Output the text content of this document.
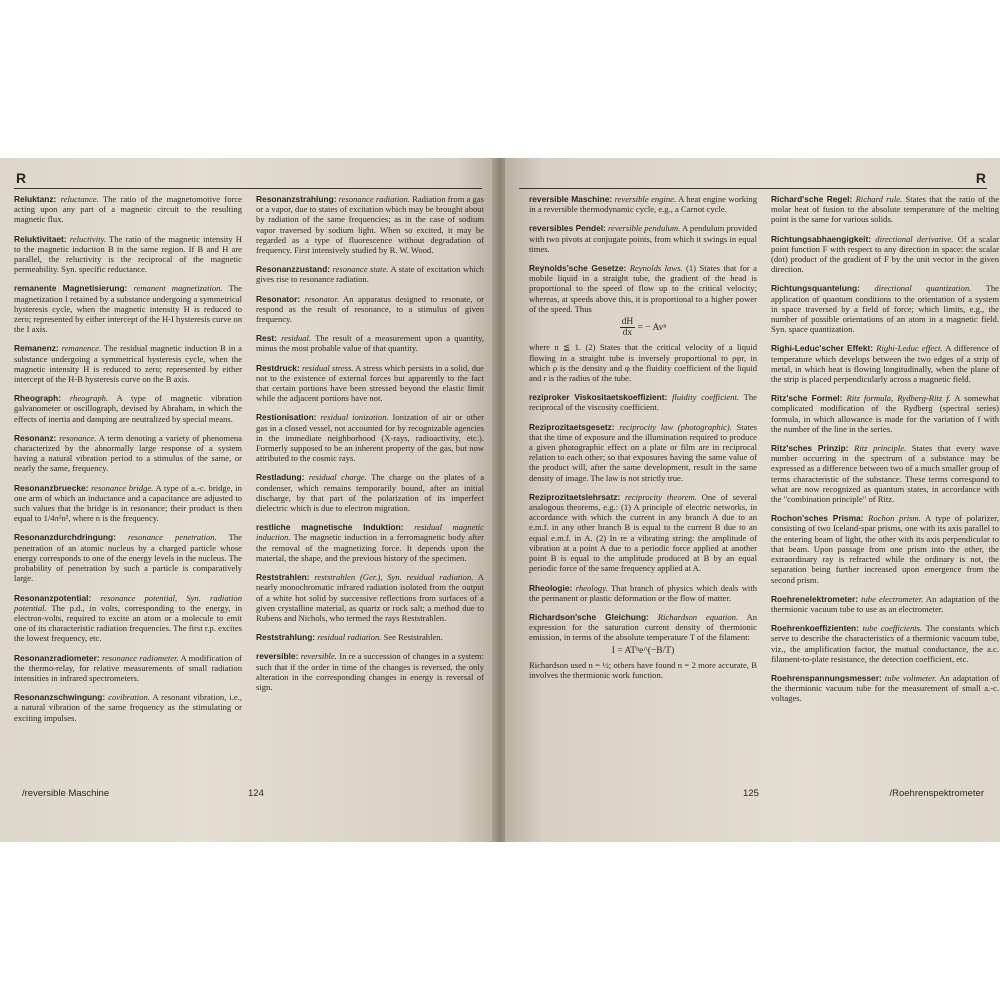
R
Reluktanz: reluctance. The ratio of the magnetomotive force acting upon any part of a magnetic circuit to the resulting magnetic flux.
Reluktivitaet: reluctivity. The ratio of the magnetic intensity H to the magnetic induction B in the same region. If B and H are parallel, the reluctivity is the reciprocal of the magnetic permeability. Syn. specific reductance.
remanente Magnetisierung: remanent magnetization. The magnetization I retained by a substance undergoing a symmetrical hysteresis cycle, when the magnetic intensity H is reduced to zero; represented by either intercept of the H-I hysteresis curve on the I axis.
Remanenz: remanence. The residual magnetic induction B in a substance undergoing a symmetrical hysteresis cycle, when the magnetic intensity H is reduced to zero; represented by either intercept of the H-B hysteresis curve on the B axis.
Rheograph: rheograph. A type of magnetic vibration galvanometer or oscillograph, devised by Abraham, in which the effects of inertia and damping are neutralized by special means.
Resonanz: resonance. A term denoting a variety of phenomena characterized by the abnormally large response of a system having a natural vibration period to a stimulus of the same, or nearly the same, frequency.
Resonanzbruecke: resonance bridge. A type of a.-c. bridge, in one arm of which an inductance and a capacitance are adjusted to such values that the bridge is in resonance; their product is then equal to 1/4π²n², where n is the frequency.
Resonanzdurchdringung: resonance penetration. The penetration of an atomic nucleus by a charged particle whose energy corresponds to one of the energy levels in the nucleus. The probability of penetration by such a particle is comparatively large.
Resonanzpotential: resonance potential, Syn. radiation potential. The p.d., in volts, corresponding to the energy, in electron-volts, required to excite an atom or a molecule to emit one of its characteristic radiation frequencies. The first r.p. excites the lowest frequency, etc.
Resonanzradiometer: resonance radiometer. A modification of the thermo-relay, for relative measurements of small radiation intensities in infrared spectrometers.
Resonanzschwingung: covibration. A resonant vibration, i.e., a natural vibration of the same frequency as the stimulating or exciting impulses.
Resonanzstrahlung: resonance radiation. Radiation from a gas or a vapor, due to states of excitation which may be brought about by radiation of the same frequencies; as in the case of sodium vapor traversed by sodium light. When so excited, it may be regarded as a type of fluorescence without degradation of frequency. First intensively studied by R. W. Wood.
Resonanzzustand: resonance state. A state of excitation which gives rise to resonance radiation.
Resonator: resonator. An apparatus designed to resonate, or respond as the result of resonance, to a stimulus of given frequency.
Rest: residual. The result of a measurement upon a quantity, minus the most probable value of that quantity.
Restdruck: residual stress. A stress which persists in a solid, due not to the existence of external forces but apparently to the fact that certain portions have been stressed beyond the elastic limit while the adjacent portions have not.
Restionisation: residual ionization. Ionization of air or other gas in a closed vessel, not accounted for by recognizable agencies in the immediate neighborhood (X-rays, radioactivity, etc.). Formerly supposed to be an inherent property of the gas, but now attributed to the cosmic rays.
Restladung: residual charge. The charge on the plates of a condenser, which remains temporarily bound, after an initial discharge, by that part of the polarization of its imperfect dielectric which is due to electron migration.
restliche magnetische Induktion: residual magnetic induction. The magnetic induction in a ferromagnetic body after the removal of the magnetizing force. It depends upon the material, the shape, and the previous history of the specimen.
Reststrahlen: reststrahlen (Ger.), Syn. residual radiation. A nearly monochromatic infrared radiation isolated from the output of a white hot solid by successive reflections from surfaces of a given crystalline material, as quartz or rock salt; a method due to Rubens and Nichols, who termed the rays Reststrahlen.
Reststrahlung: residual radiation. See Reststrahlen.
reversible: reversible. In re a succession of changes in a system: such that if the order in time of the changes is reversed, the only alteration in the corresponding changes in energy is reversal of sign.
/reversible Maschine	124
R
reversible Maschine: reversible engine. A heat engine working in a reversible thermodynamic cycle, e.g., a Carnot cycle.
reversibles Pendel: reversible pendulum. A pendulum provided with two pivots at conjugate points, from which it swings in equal times.
Reynolds'sche Gesetze: Reynolds laws. (1) States that for a mobile liquid in a straight tube, the gradient of the head is proportional to the speed of flow up to the critical velocity; whereas, at speeds above this, it is proportional to a higher power of the speed. Thus
$\frac{dH}{dx}$ = − Avⁿ
where n ≦ 1. (2) States that the critical velocity of a liquid flowing in a straight tube is inversely proportional to ρφr, in which ρ is the density and φ the fluidity coefficient of the liquid and r is the radius of the tube.
reziproker Viskositaetskoeffizient: fluidity coefficient. The reciprocal of the viscosity coefficient.
Reziprozitaetsgesetz: reciprocity law (photographic). States that the time of exposure and the illumination required to produce a given photographic effect on a plate or film are in reciprocal relation to each other; so that exposures having the same value of the product will, after the same development, result in the same density of image. The law is not strictly true.
Reziprozitaetslehrsatz: reciprocity theorem. One of several analogous theorems, e.g.: (1) A principle of electric networks, in accordance with which the current in any branch A due to an e.m.f. in any other branch B is equal to the current B due to an equal e.m.f. in A. (2) In re a vibrating string: the amplitude of vibration at a point A due to a periodic force applied at another point B is equal to the amplitude produced at B by an equal periodic force of the same frequency applied at A.
Rheologie: rheology. That branch of physics which deals with the permanent or plastic deformation or the flow of matter.
Richardson'sche Gleichung: Richardson equation. An expression for the saturation current density of thermionic emission, in terms of the absolute temperature T of the filament:
I = ATⁿe^(−B/T)
Richardson used n = ½; others have found n = 2 more accurate, B involves the thermionic work function.
Richard'sche Regel: Richard rule. States that the ratio of the molar heat of fusion to the absolute temperature of the melting point is the same for various solids.
Richtungsabhaengigkeit: directional derivative. Of a scalar point function F with respect to any direction in space: the scalar (dot) product of the gradient of F by the unit vector in the given direction.
Richtungsquantelung: directional quantization. The application of quantum conditions to the orientation of a system in space traversed by a field of force; which limits, e.g., the number of possible orientations of an atom in a magnetic field. Syn. space quantization.
Righi-Leduc'scher Effekt: Righi-Leduc effect. A difference of temperature which develops between the two edges of a strip of metal, in which heat is flowing longitudinally, when the plane of the strip is placed perpendicularly across a magnetic field.
Ritz'sche Formel: Ritz formula, Rydberg-Ritz f. A somewhat complicated modification of the Rydberg (spectral series) formula, in which allowance is made for the variation of f with the number of the line in the series.
Ritz'sches Prinzip: Ritz principle. States that every wave number occurring in the spectrum of a substance may be expressed as a difference between two of a much smaller group of terms characteristic of the substance. These terms correspond to what are now recognized as quantum states, in accordance with the "combination principle" of Ritz.
Rochon'sches Prisma: Rochon prism. A type of polarizer, consisting of two Iceland-spar prisms, one with its axis parallel to the entering beam of light, the other with its axis perpendicular to that beam. Upon passage from one prism into the other, the extraordinary ray is refracted while the ordinary is not, the separation being further increased upon emergence from the second prism.
Roehrenelektrometer: tube electrometer. An adaptation of the thermionic vacuum tube to use as an electrometer.
Roehrenkoeffizienten: tube coefficients. The constants which serve to describe the characteristics of a thermionic vacuum tube, viz., the amplification factor, the mutual conductance, the a.c. filament-to-plate resistance, the detection coefficient, etc.
Roehrenspannungsmesser: tube voltmeter. An adaptation of the thermionic vacuum tube for the measurement of small a.-c. voltages.
125	/Roehrenspektrometer
